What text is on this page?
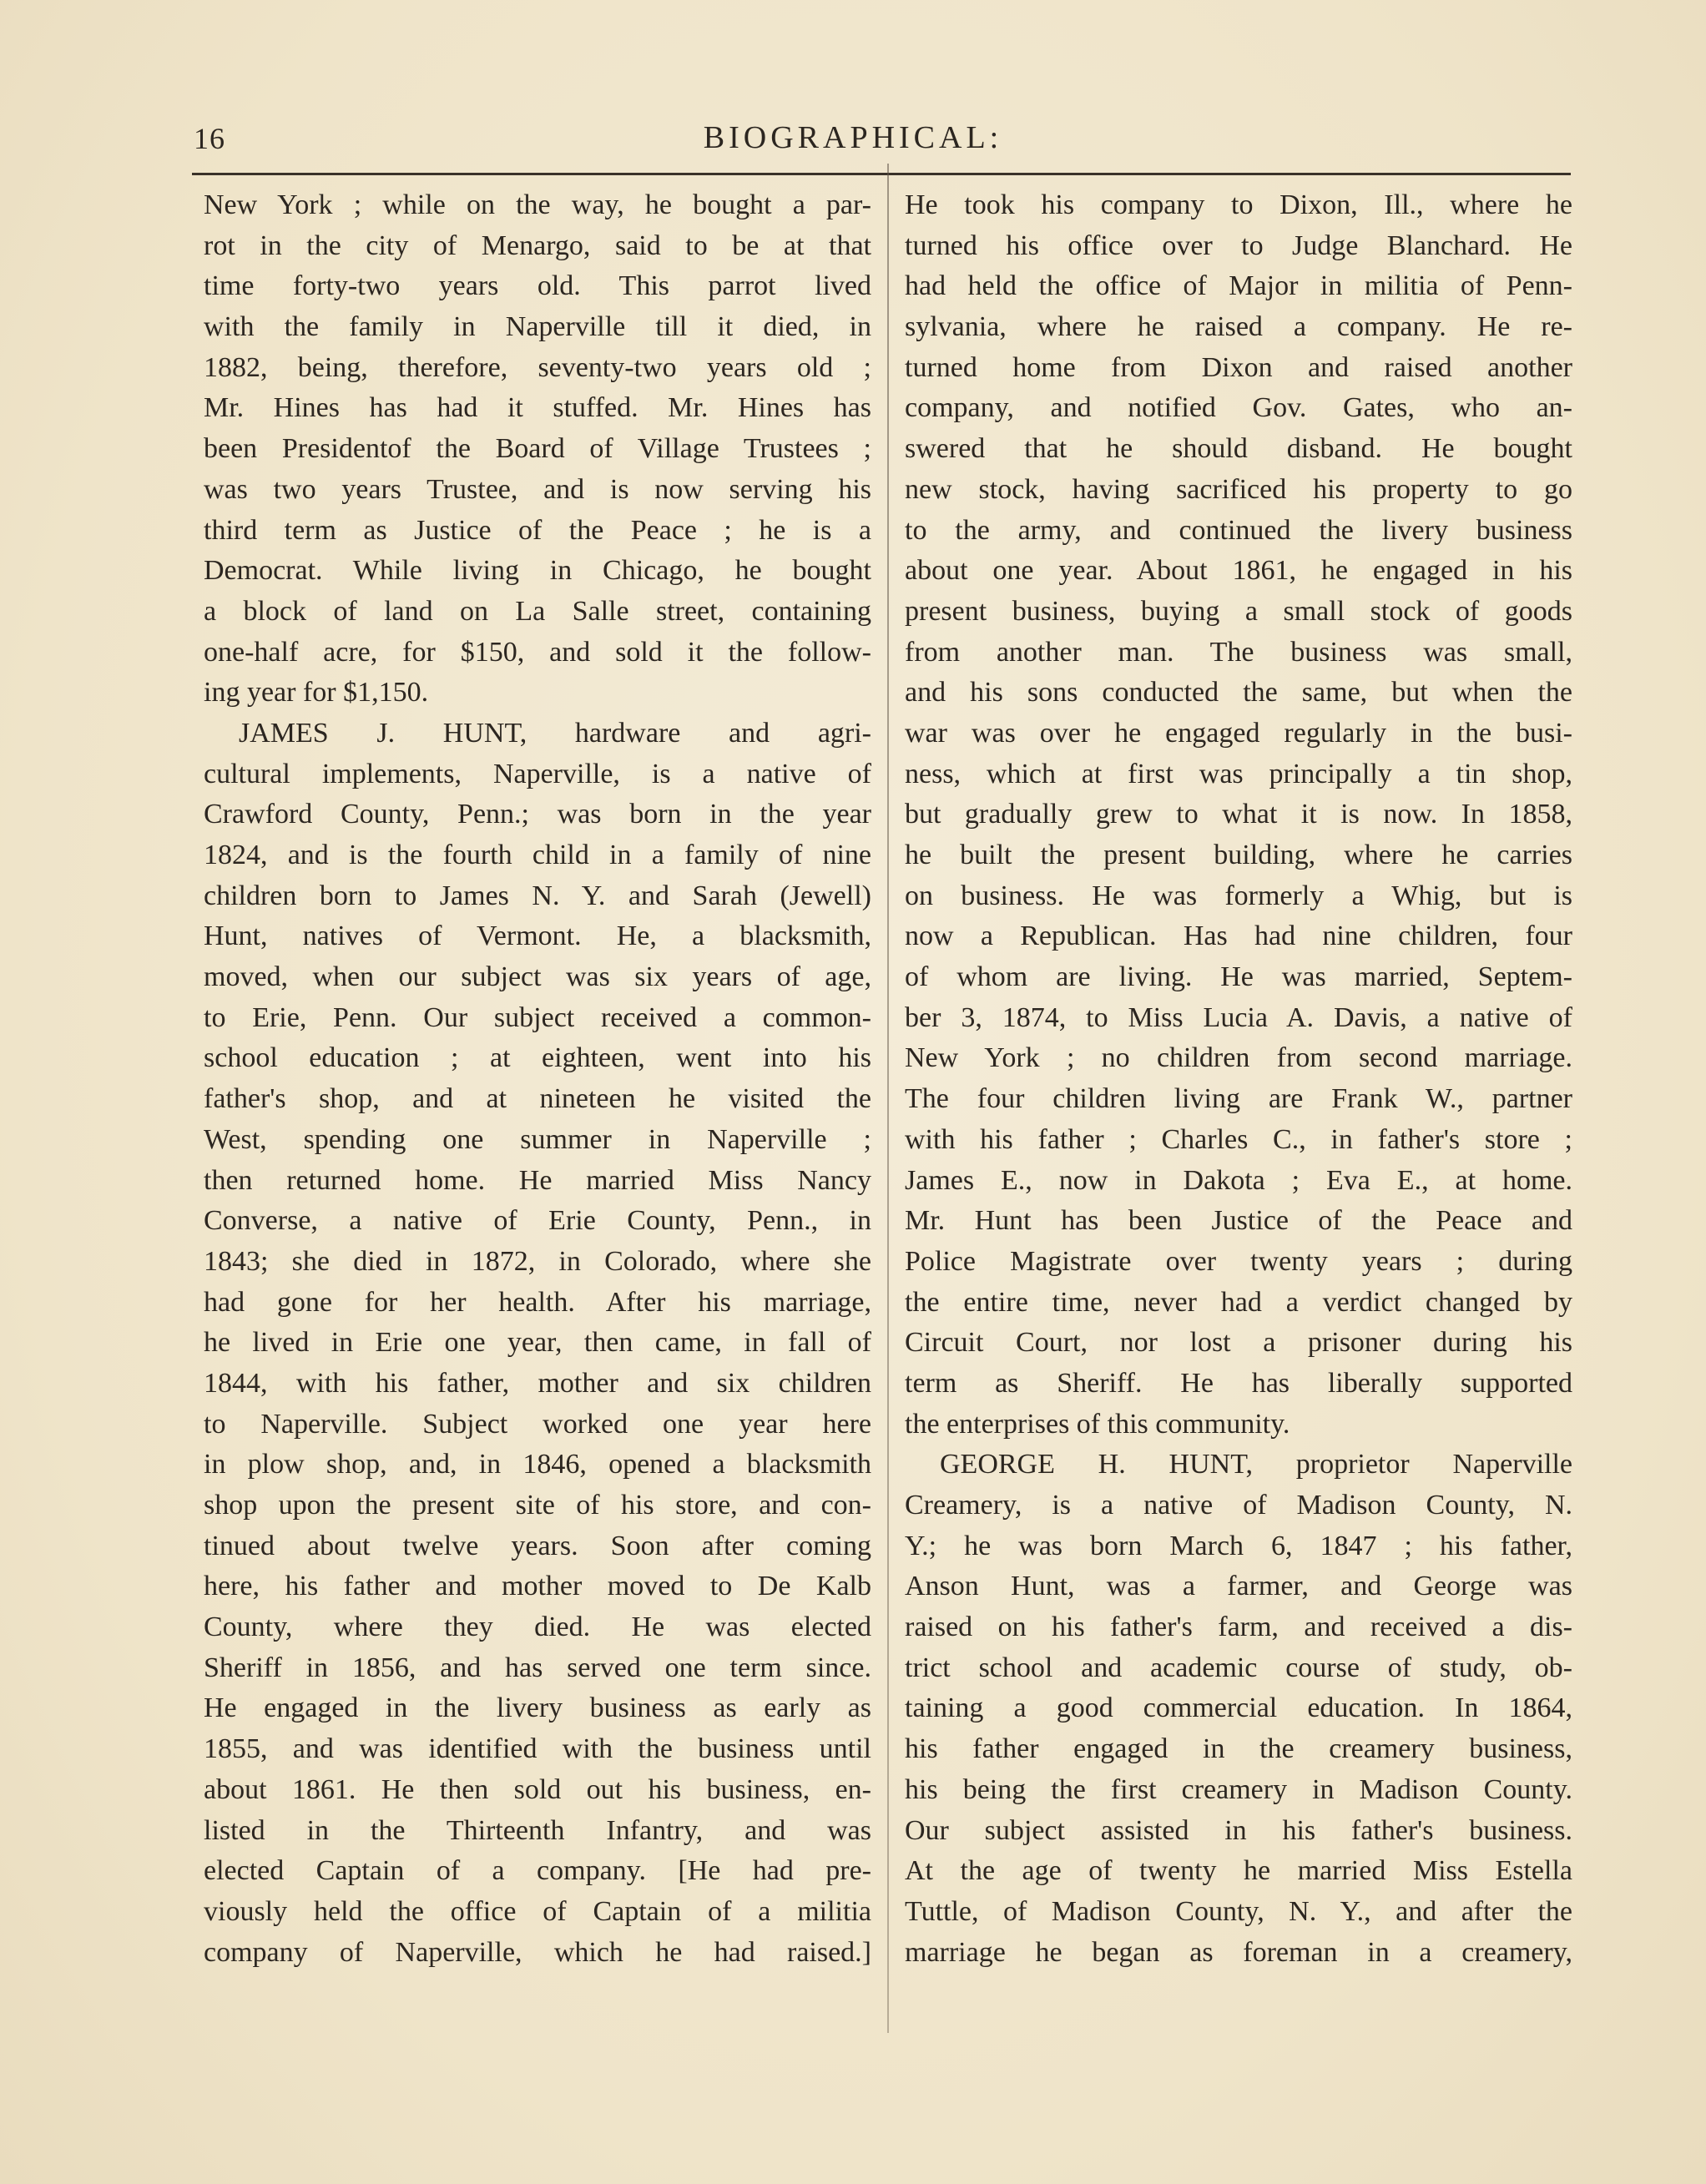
16	BIOGRAPHICAL:
New York ; while on the way, he bought a par-
rot in the city of Menargo, said to be at that
time forty-two years old. This parrot lived
with the family in Naperville till it died, in
1882, being, therefore, seventy-two years old ;
Mr. Hines has had it stuffed. Mr. Hines has
been Presidentof the Board of Village Trustees ;
was two years Trustee, and is now serving his
third term as Justice of the Peace ; he is a
Democrat. While living in Chicago, he bought
a block of land on La Salle street, containing
one-half acre, for $150, and sold it the follow-
ing year for $1,150.
JAMES J. HUNT, hardware and agri-
cultural implements, Naperville, is a native of
Crawford County, Penn.; was born in the year
1824, and is the fourth child in a family of nine
children born to James N. Y. and Sarah (Jewell)
Hunt, natives of Vermont. He, a blacksmith,
moved, when our subject was six years of age,
to Erie, Penn. Our subject received a common-
school education ; at eighteen, went into his
father's shop, and at nineteen he visited the
West, spending one summer in Naperville ;
then returned home. He married Miss Nancy
Converse, a native of Erie County, Penn., in
1843; she died in 1872, in Colorado, where she
had gone for her health. After his marriage,
he lived in Erie one year, then came, in fall of
1844, with his father, mother and six children
to Naperville. Subject worked one year here
in plow shop, and, in 1846, opened a blacksmith
shop upon the present site of his store, and con-
tinued about twelve years. Soon after coming
here, his father and mother moved to De Kalb
County, where they died. He was elected
Sheriff in 1856, and has served one term since.
He engaged in the livery business as early as
1855, and was identified with the business until
about 1861. He then sold out his business, en-
listed in the Thirteenth Infantry, and was
elected Captain of a company. [He had pre-
viously held the office of Captain of a militia
company of Naperville, which he had raised.]
He took his company to Dixon, Ill., where he
turned his office over to Judge Blanchard. He
had held the office of Major in militia of Penn-
sylvania, where he raised a company. He re-
turned home from Dixon and raised another
company, and notified Gov. Gates, who an-
swered that he should disband. He bought
new stock, having sacrificed his property to go
to the army, and continued the livery business
about one year. About 1861, he engaged in his
present business, buying a small stock of goods
from another man. The business was small,
and his sons conducted the same, but when the
war was over he engaged regularly in the busi-
ness, which at first was principally a tin shop,
but gradually grew to what it is now. In 1858,
he built the present building, where he carries
on business. He was formerly a Whig, but is
now a Republican. Has had nine children, four
of whom are living. He was married, Septem-
ber 3, 1874, to Miss Lucia A. Davis, a native of
New York ; no children from second marriage.
The four children living are Frank W., partner
with his father ; Charles C., in father's store ;
James E., now in Dakota ; Eva E., at home.
Mr. Hunt has been Justice of the Peace and
Police Magistrate over twenty years ; during
the entire time, never had a verdict changed by
Circuit Court, nor lost a prisoner during his
term as Sheriff. He has liberally supported
the enterprises of this community.
GEORGE H. HUNT, proprietor Naperville
Creamery, is a native of Madison County, N.
Y.; he was born March 6, 1847 ; his father,
Anson Hunt, was a farmer, and George was
raised on his father's farm, and received a dis-
trict school and academic course of study, ob-
taining a good commercial education. In 1864,
his father engaged in the creamery business,
his being the first creamery in Madison County.
Our subject assisted in his father's business.
At the age of twenty he married Miss Estella
Tuttle, of Madison County, N. Y., and after the
marriage he began as foreman in a creamery,
